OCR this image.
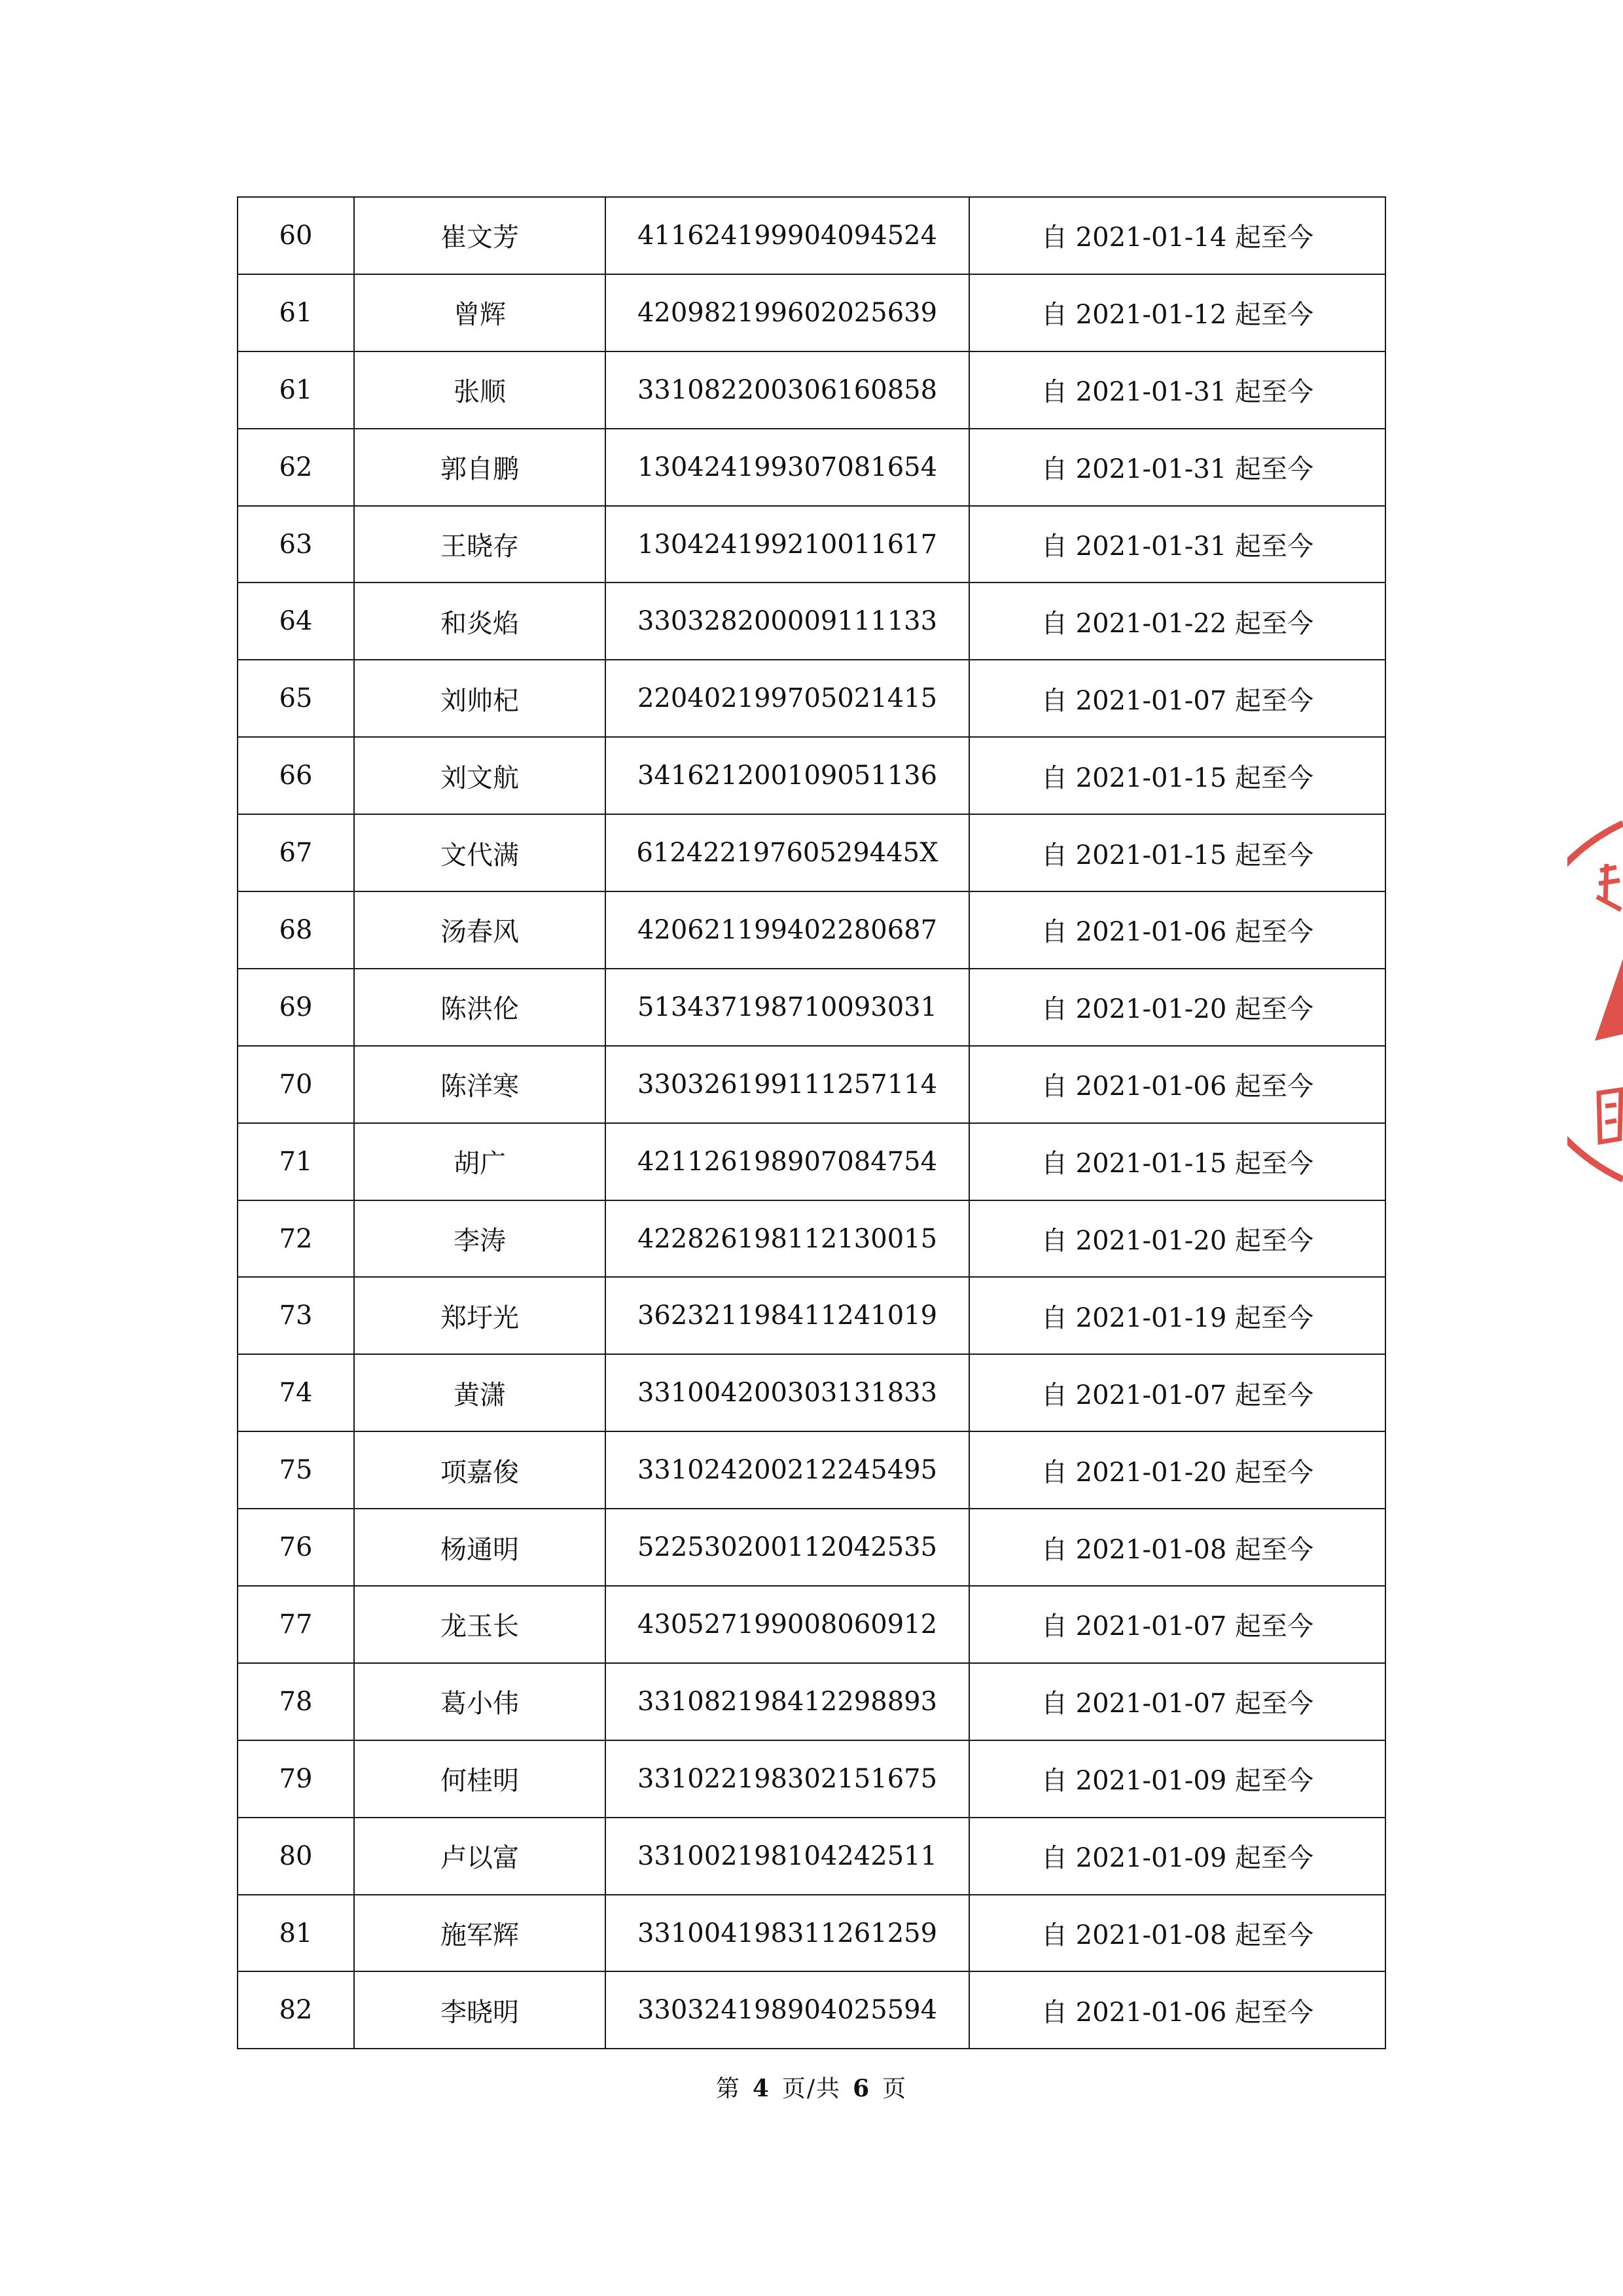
60	崔文芳	411624199904094524	自 2021-01-14 起至今
61	曾辉	420982199602025639	自 2021-01-12 起至今
61	张顺	331082200306160858	自 2021-01-31 起至今
62	郭自鹏	130424199307081654	自 2021-01-31 起至今
63	王晓存	130424199210011617	自 2021-01-31 起至今
64	和炎焰	330328200009111133	自 2021-01-22 起至今
65	刘帅杞	220402199705021415	自 2021-01-07 起至今
66	刘文航	341621200109051136	自 2021-01-15 起至今
67	文代满	61242219760529445X	自 2021-01-15 起至今
68	汤春风	420621199402280687	自 2021-01-06 起至今
69	陈洪伦	513437198710093031	自 2021-01-20 起至今
70	陈洋寒	330326199111257114	自 2021-01-06 起至今
71	胡广	421126198907084754	自 2021-01-15 起至今
72	李涛	422826198112130015	自 2021-01-20 起至今
73	郑圩光	362321198411241019	自 2021-01-19 起至今
74	黄潇	331004200303131833	自 2021-01-07 起至今
75	项嘉俊	331024200212245495	自 2021-01-20 起至今
76	杨通明	522530200112042535	自 2021-01-08 起至今
77	龙玉长	430527199008060912	自 2021-01-07 起至今
78	葛小伟	331082198412298893	自 2021-01-07 起至今
79	何桂明	331022198302151675	自 2021-01-09 起至今
80	卢以富	331002198104242511	自 2021-01-09 起至今
81	施军辉	331004198311261259	自 2021-01-08 起至今
82	李晓明	330324198904025594	自 2021-01-06 起至今
第 4 页/共 6 页
